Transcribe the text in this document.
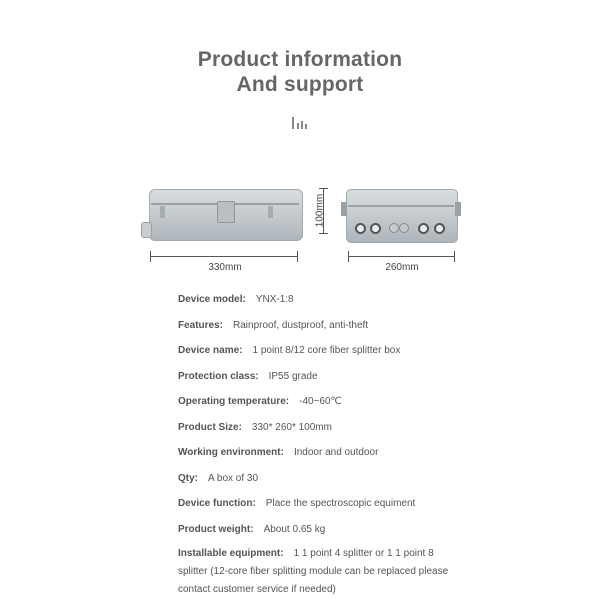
Product information
And support
100mm
330mm	260mm
Device model: YNX-1:8
Features: Rainproof, dustproof, anti-theft
Device name: 1 point 8/12 core fiber splitter box
Protection class: IP55 grade
Operating temperature: -40~60℃
Product Size: 330* 260* 100mm
Working environment: Indoor and outdoor
Qty: A box of 30
Device function: Place the spectroscopic equiment
Product weight: About 0.65 kg
Installable equipment: 1 1 point 4 splitter or 1 1 point 8 splitter (12-core fiber splitting module can be replaced please contact customer service if needed)
